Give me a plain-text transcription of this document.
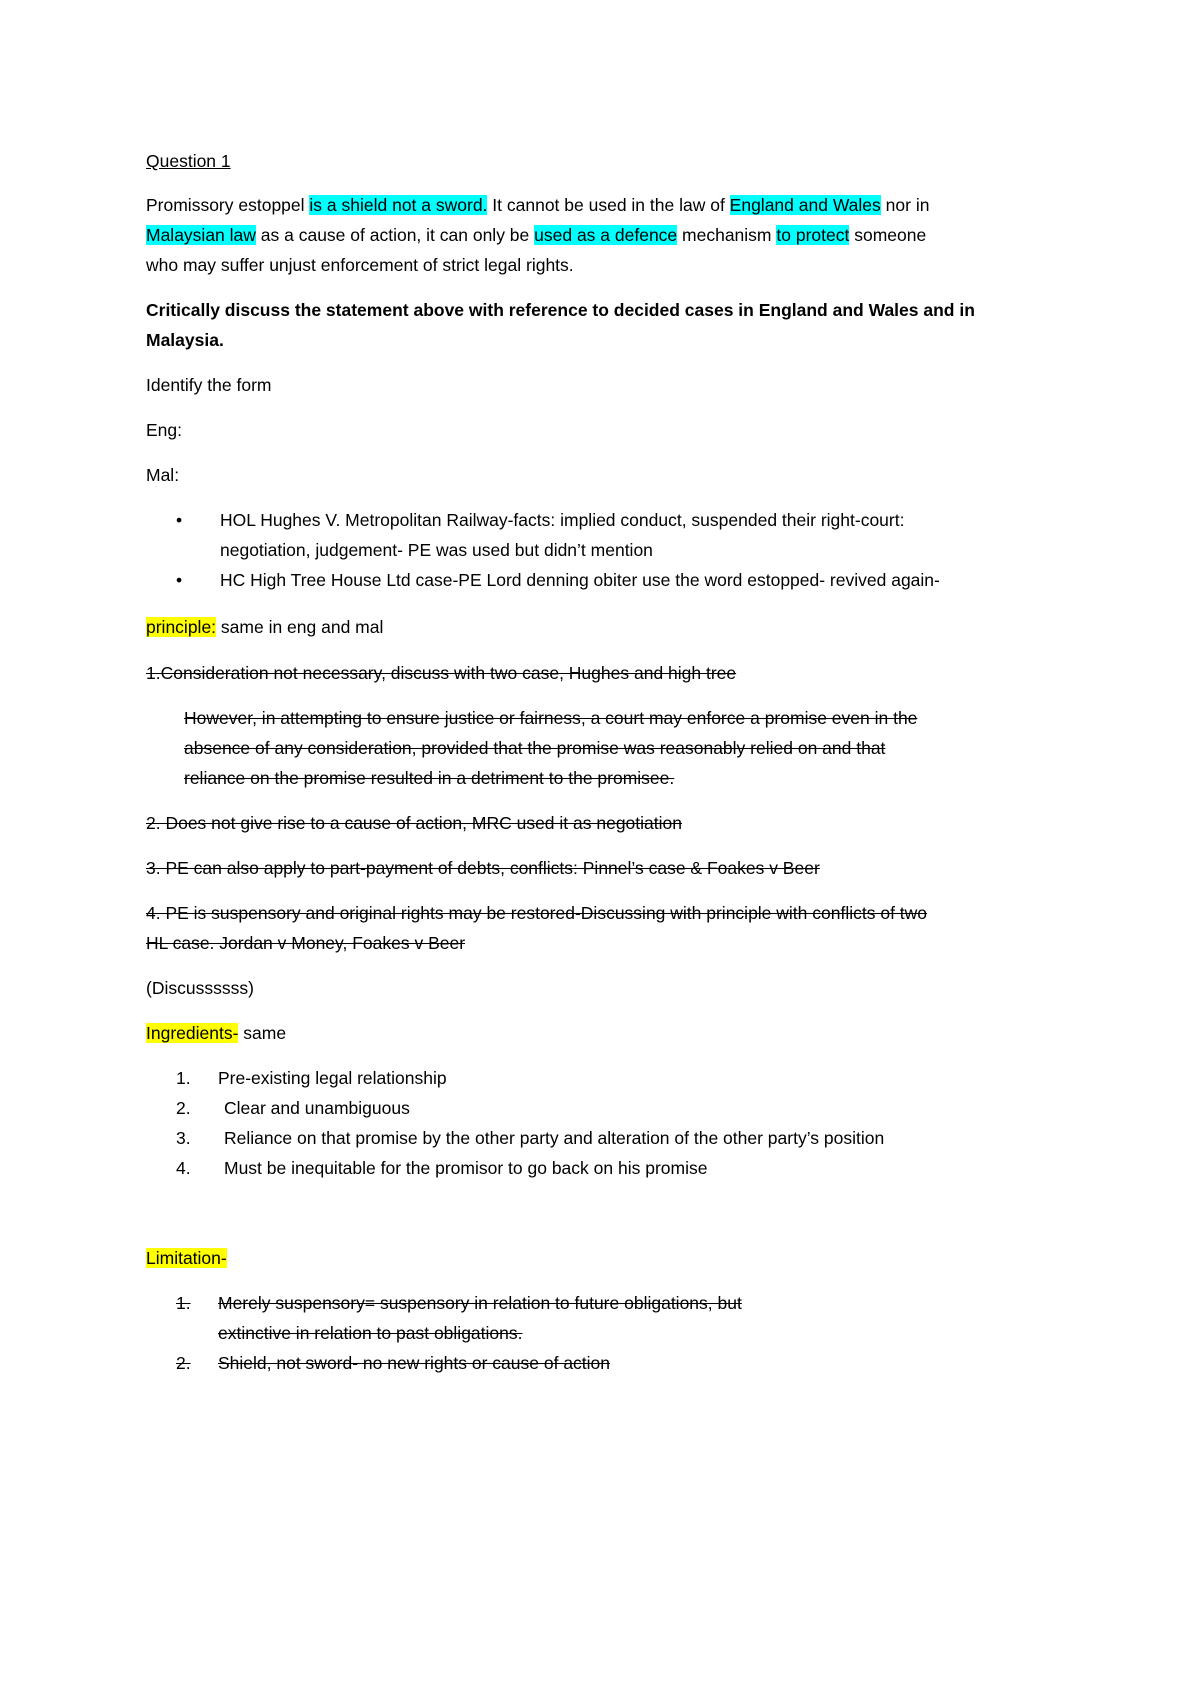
Question 1
Promissory estoppel is a shield not a sword. It cannot be used in the law of England and Wales nor in
Malaysian law as a cause of action, it can only be used as a defence mechanism to protect someone
who may suffer unjust enforcement of strict legal rights.
Critically discuss the statement above with reference to decided cases in England and Wales and in
Malaysia.
Identify the form
Eng:
Mal:
• HOL Hughes V. Metropolitan Railway-facts: implied conduct, suspended their right-court:
negotiation, judgement- PE was used but didn’t mention
• HC High Tree House Ltd case-PE Lord denning obiter use the word estopped- revived again-
principle: same in eng and mal
1.Consideration not necessary, discuss with two case, Hughes and high tree
However, in attempting to ensure justice or fairness, a court may enforce a promise even in the
absence of any consideration, provided that the promise was reasonably relied on and that
reliance on the promise resulted in a detriment to the promisee.
2. Does not give rise to a cause of action, MRC used it as negotiation
3. PE can also apply to part-payment of debts, conflicts: Pinnel’s case & Foakes v Beer
4. PE is suspensory and original rights may be restored-Discussing with principle with conflicts of two
HL case. Jordan v Money, Foakes v Beer
(Discussssss)
Ingredients- same
1. Pre-existing legal relationship
2. Clear and unambiguous
3. Reliance on that promise by the other party and alteration of the other party’s position
4. Must be inequitable for the promisor to go back on his promise
Limitation-
1. Merely suspensory= suspensory in relation to future obligations, but
extinctive in relation to past obligations.
2. Shield, not sword- no new rights or cause of action
